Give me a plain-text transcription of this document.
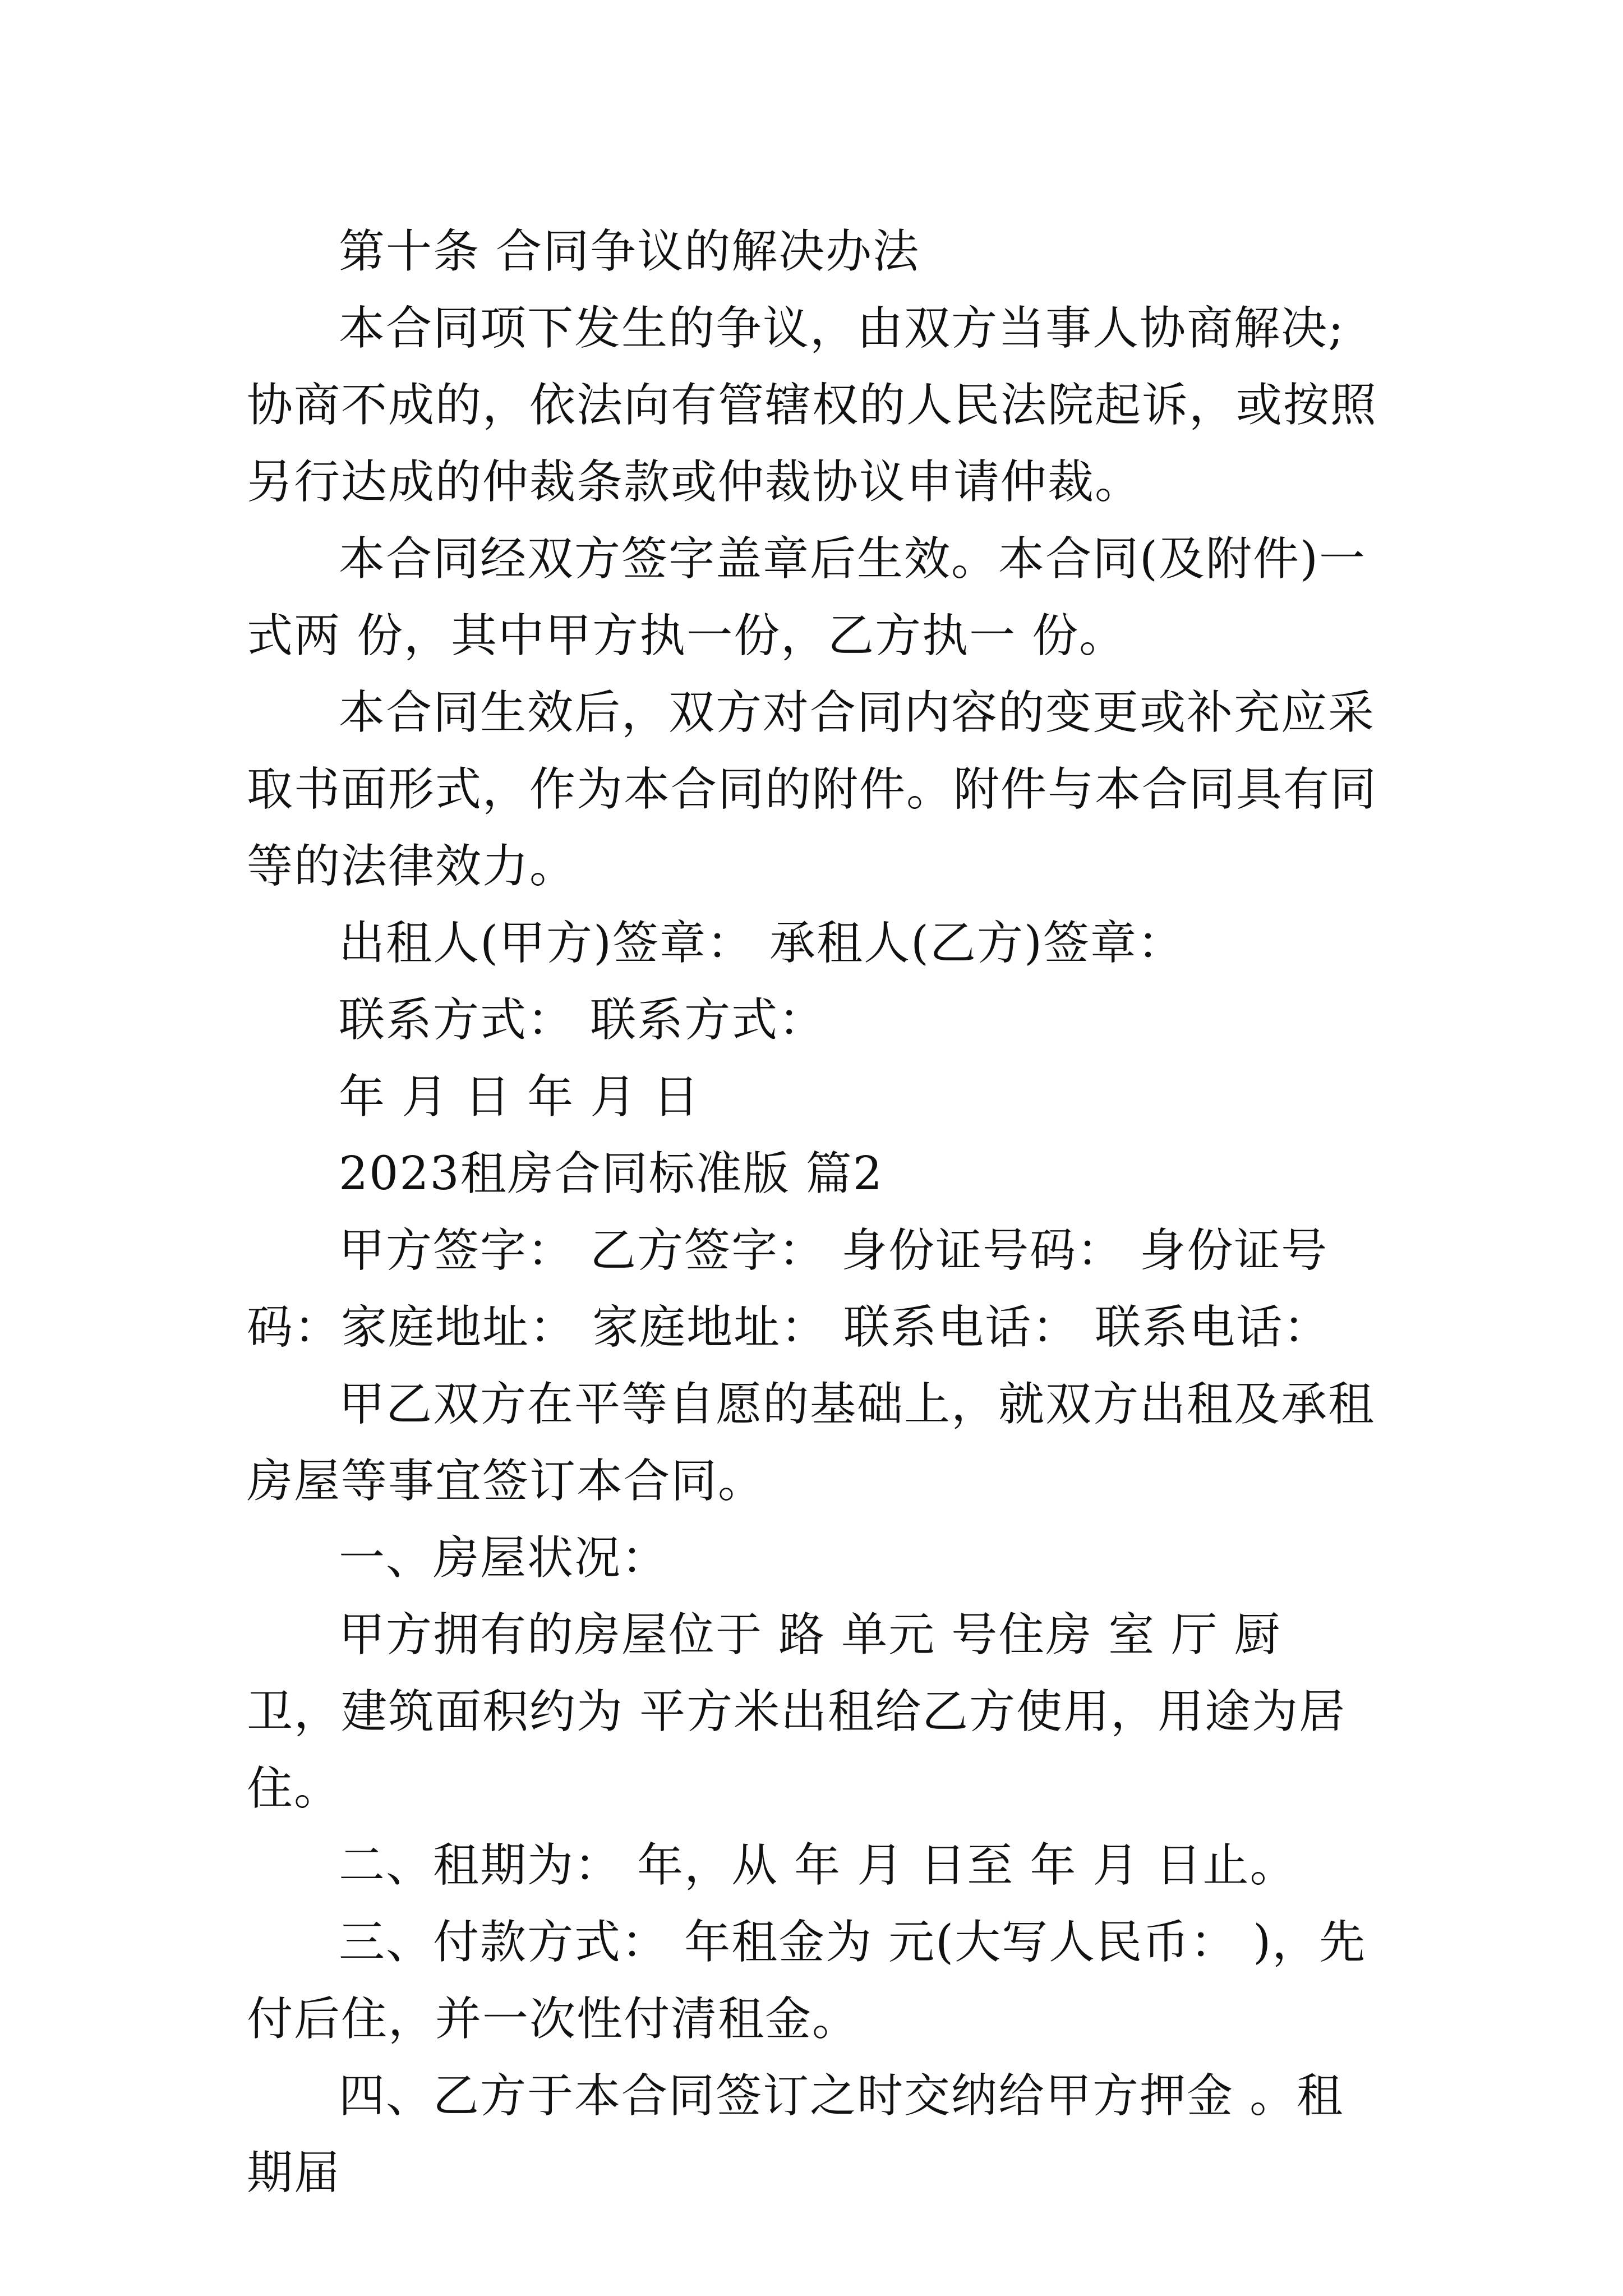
第十条 合同争议的解决办法

本合同项下发生的争议，由双方当事人协商解决;协商不成的，依法向有管辖权的人民法院起诉，或按照另行达成的仲裁条款或仲裁协议申请仲裁。

本合同经双方签字盖章后生效。本合同(及附件)一式两 份，其中甲方执一份，乙方执一 份。

本合同生效后，双方对合同内容的变更或补充应采取书面形式，作为本合同的附件。附件与本合同具有同等的法律效力。

出租人(甲方)签章： 承租人(乙方)签章：

联系方式： 联系方式：

年 月 日 年 月 日

2023租房合同标准版 篇2

甲方签字： 乙方签字： 身份证号码： 身份证号码：家庭地址： 家庭地址： 联系电话： 联系电话：

甲乙双方在平等自愿的基础上，就双方出租及承租房屋等事宜签订本合同。

一、房屋状况：

甲方拥有的房屋位于 路 单元 号住房 室 厅 厨 卫，建筑面积约为 平方米出租给乙方使用，用途为居住。

二、租期为： 年，从 年 月 日至 年 月 日止。

三、付款方式： 年租金为 元(大写人民币： )，先付后住，并一次性付清租金。

四、乙方于本合同签订之时交纳给甲方押金 。租期届
